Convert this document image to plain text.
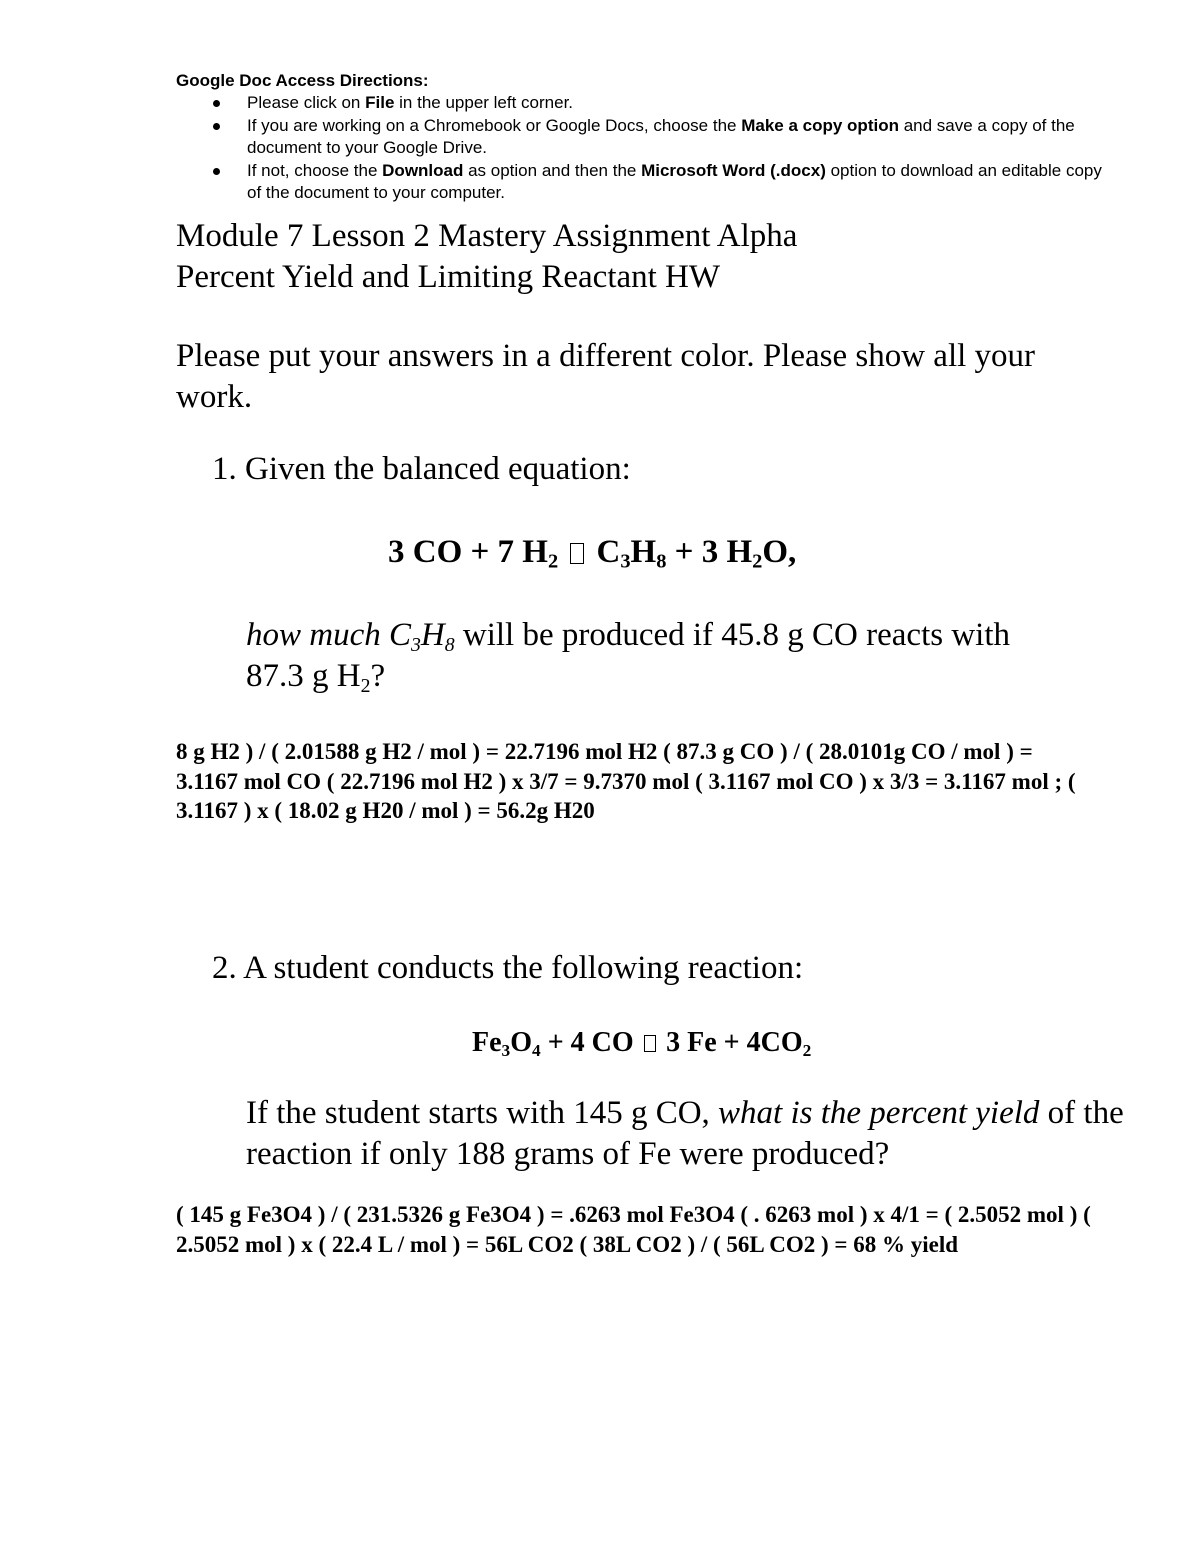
Google Doc Access Directions:
Please click on File in the upper left corner.
If you are working on a Chromebook or Google Docs, choose the Make a copy option and save a copy of the document to your Google Drive.
If not, choose the Download as option and then the Microsoft Word (.docx) option to download an editable copy of the document to your computer.
Module 7 Lesson 2 Mastery Assignment Alpha
Percent Yield and Limiting Reactant HW

Please put your answers in a different color. Please show all your work.

1. Given the balanced equation:
3 CO + 7 $H_2$ $C_3H_8 + 3$ $H_2O$,

how much $C_3H_8$ will be produced if 45.8 g CO reacts with 87.3 g $H_2$?

8 g H2 ) / ( 2.01588 g H2 / mol ) = 22.7196 mol H2 ( 87.3 g CO ) / ( 28.0101g CO / mol ) = 3.1167 mol CO ( 22.7196 mol H2 ) x 3/7 = 9.7370 mol ( 3.1167 mol CO ) x 3/3 = 3.1167 mol ; ( 3.1167 ) x ( 18.02 g H20 / mol ) = 56.2g H20

2. A student conducts the following reaction:
$Fe_3O_4 + 4$ CO  3 $Fe + 4CO_2$

If the student starts with 145 g CO, what is the percent yield of the reaction if only 188 grams of Fe were produced?

( 145 g Fe3O4 ) / ( 231.5326 g Fe3O4 ) = .6263 mol Fe3O4 ( . 6263 mol ) x 4/1 = ( 2.5052 mol ) ( 2.5052 mol ) x ( 22.4 L / mol ) = 56L CO2 ( 38L CO2 ) / ( 56L CO2 ) = 68 % yield
